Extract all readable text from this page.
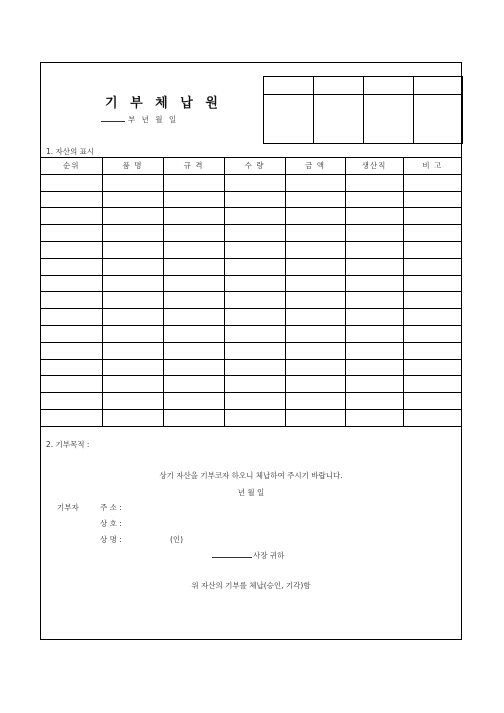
기 부 체 납 원
부 년 월 일

1. 자산의 표시
순위	품 명	규 격	수 량	금 액	생산직	비 고

2. 기부목적 :
상기 자산을 기부코자 하오니 체납하여 주시기 바랍니다.
년 월 일
기부자	주 소 :
상 호 :
상 명 :	(인)
사장 귀하
위 자산의 기부를 체납(승인, 기각)함
